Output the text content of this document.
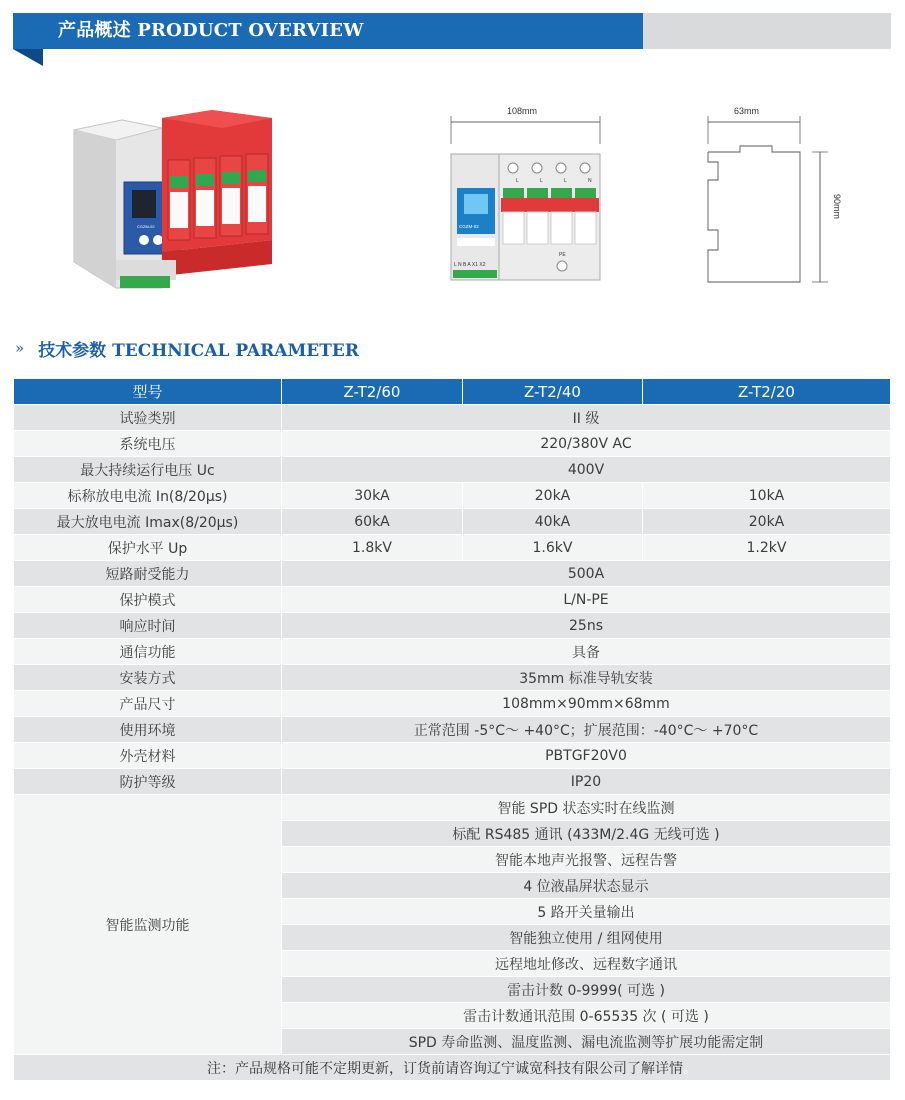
产品概述 PRODUCT OVERVIEW
CGZM-02
108mm
CGZM-02
L N B A X1 X2
L	L	L	N
PE
63mm
90mm
» 技术参数 TECHNICAL PARAMETER
型号	Z-T2/60	Z-T2/40	Z-T2/20
试验类别	II 级		
系统电压	220/380V AC		
最大持续运行电压 Uc	400V		
标称放电电流 In(8/20μs)	30kA	20kA	10kA
最大放电电流 Imax(8/20μs)	60kA	40kA	20kA
保护水平 Up	1.8kV	1.6kV	1.2kV
短路耐受能力	500A		
保护模式	L/N-PE		
响应时间	25ns		
通信功能	具备		
安装方式	35mm 标准导轨安装		
产品尺寸	108mm×90mm×68mm		
使用环境	正常范围 -5°C～ +40°C；扩展范围：-40°C～ +70°C		
外壳材料	PBTGF20V0		
防护等级	IP20		
智能监测功能	智能 SPD 状态实时在线监测		
	标配 RS485 通讯 (433M/2.4G 无线可选 )		
	智能本地声光报警、远程告警		
	4 位液晶屏状态显示		
	5 路开关量输出		
	智能独立使用 / 组网使用		
	远程地址修改、远程数字通讯		
	雷击计数 0-9999( 可选 )		
	雷击计数通讯范围 0-65535 次 ( 可选 )		
	SPD 寿命监测、温度监测、漏电流监测等扩展功能需定制		
注：产品规格可能不定期更新，订货前请咨询辽宁诚宽科技有限公司了解详情。			
